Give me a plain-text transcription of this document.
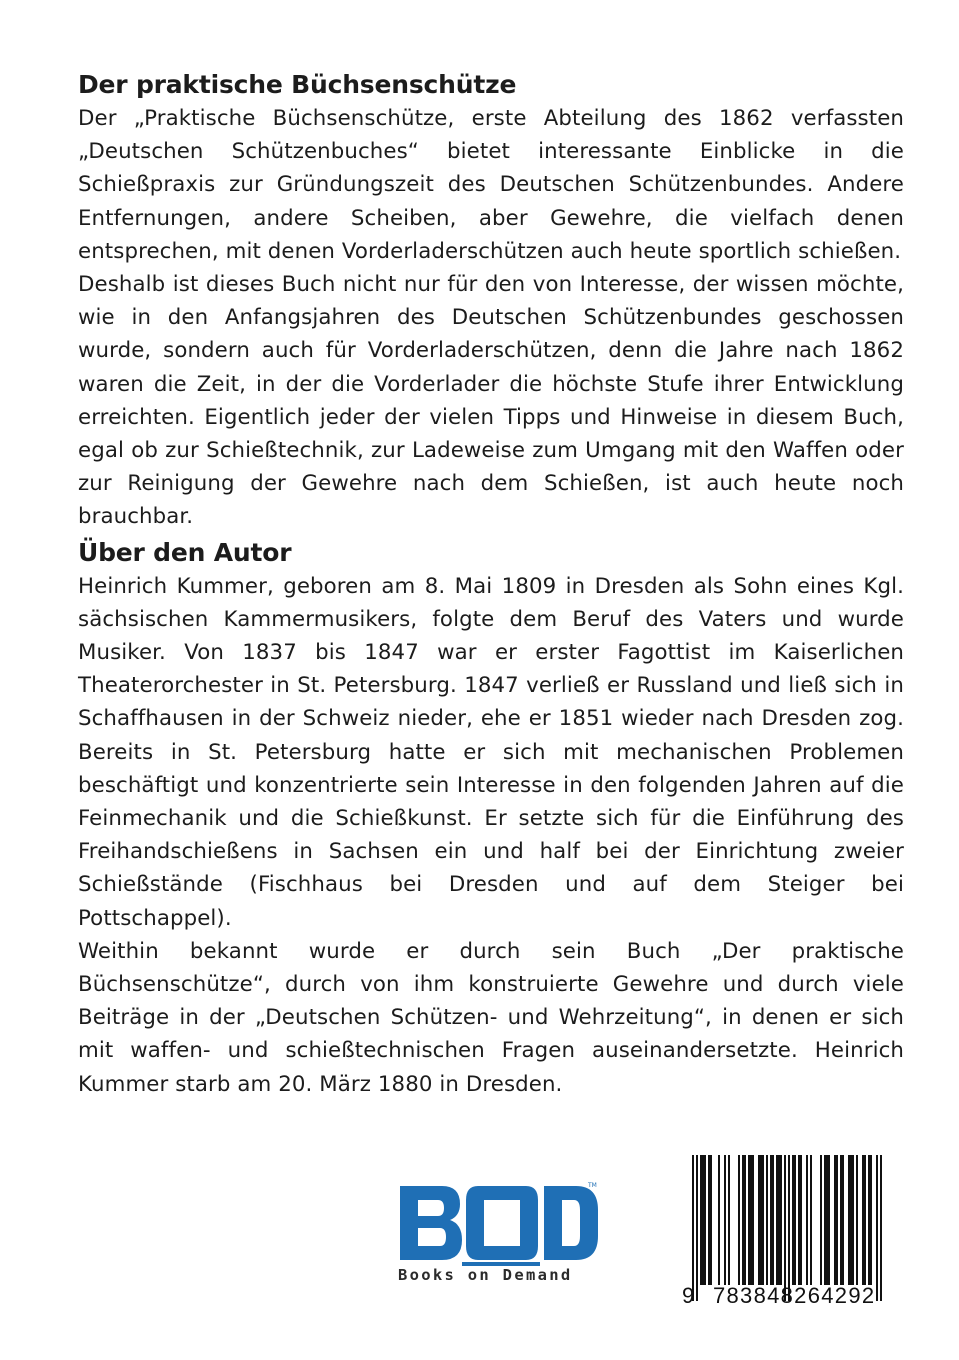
Der praktische Büchsenschütze

Der „Praktische Büchsenschütze, erste Abteilung des 1862 verfassten „Deutschen Schützenbuches“ bietet interessante Einblicke in die Schießpraxis zur Gründungszeit des Deutschen Schützenbundes. Andere Entfernungen, andere Scheiben, aber Gewehre, die vielfach denen entsprechen, mit denen Vorderladerschützen auch heute sportlich schießen.

Deshalb ist dieses Buch nicht nur für den von Interesse, der wissen möchte, wie in den Anfangsjahren des Deutschen Schützenbundes geschossen wurde, sondern auch für Vorderladerschützen, denn die Jahre nach 1862 waren die Zeit, in der die Vorderlader die höchste Stufe ihrer Entwicklung erreichten. Eigentlich jeder der vielen Tipps und Hinweise in diesem Buch, egal ob zur Schießtechnik, zur Ladeweise zum Umgang mit den Waffen oder zur Reinigung der Gewehre nach dem Schießen, ist auch heute noch brauchbar.

Über den Autor

Heinrich Kummer, geboren am 8. Mai 1809 in Dresden als Sohn eines Kgl. sächsischen Kammermusikers, folgte dem Beruf des Vaters und wurde Musiker. Von 1837 bis 1847 war er erster Fagottist im Kaiserlichen Theaterorchester in St. Petersburg. 1847 verließ er Russland und ließ sich in Schaffhausen in der Schweiz nieder, ehe er 1851 wieder nach Dresden zog. Bereits in St. Petersburg hatte er sich mit mechanischen Problemen beschäftigt und konzentrierte sein Interesse in den folgenden Jahren auf die Feinmechanik und die Schießkunst. Er setzte sich für die Einführung des Freihandschießens in Sachsen ein und half bei der Einrichtung zweier Schießstände (Fischhaus bei Dresden und auf dem Steiger bei Pottschappel).

Weithin bekannt wurde er durch sein Buch „Der praktische Büchsenschütze“, durch von ihm konstruierte Gewehre und durch viele Beiträge in der „Deutschen Schützen- und Wehrzeitung“, in denen er sich mit waffen- und schießtechnischen Fragen auseinandersetzte. Heinrich Kummer starb am 20. März 1880 in Dresden.

TM
Books on Demand
9 783848264292
